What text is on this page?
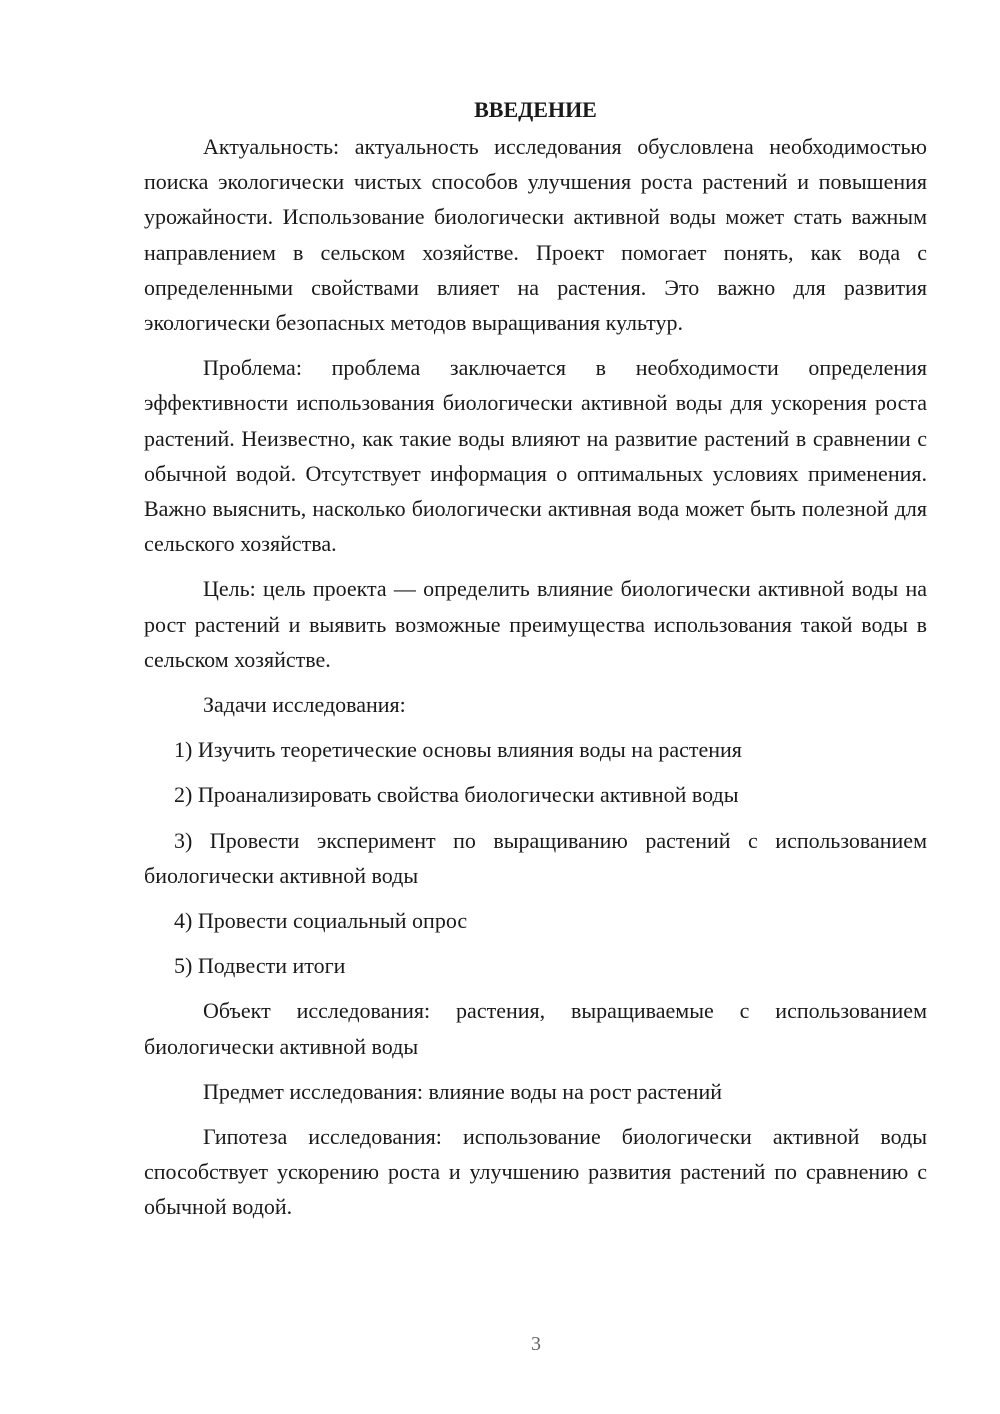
ВВЕДЕНИЕ

Актуальность: актуальность исследования обусловлена необходимостью поиска экологически чистых способов улучшения роста растений и повышения урожайности. Использование биологически активной воды может стать важным направлением в сельском хозяйстве. Проект помогает понять, как вода с определенными свойствами влияет на растения. Это важно для развития экологически безопасных методов выращивания культур.

Проблема: проблема заключается в необходимости определения эффективности использования биологически активной воды для ускорения роста растений. Неизвестно, как такие воды влияют на развитие растений в сравнении с обычной водой. Отсутствует информация о оптимальных условиях применения. Важно выяснить, насколько биологически активная вода может быть полезной для сельского хозяйства.

Цель: цель проекта — определить влияние биологически активной воды на рост растений и выявить возможные преимущества использования такой воды в сельском хозяйстве.

Задачи исследования:

1) Изучить теоретические основы влияния воды на растения

2) Проанализировать свойства биологически активной воды

3) Провести эксперимент по выращиванию растений с использованием биологически активной воды

4) Провести социальный опрос

5) Подвести итоги

Объект исследования: растения, выращиваемые с использованием биологически активной воды

Предмет исследования: влияние воды на рост растений

Гипотеза исследования: использование биологически активной воды способствует ускорению роста и улучшению развития растений по сравнению с обычной водой.

3
